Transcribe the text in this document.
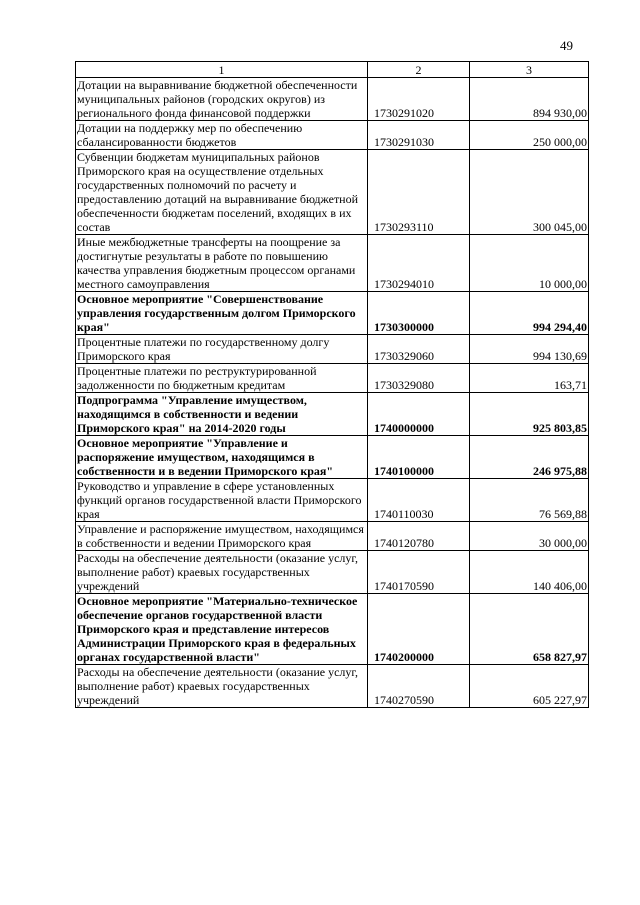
49
1	2	3
Дотации на выравнивание бюджетной обеспеченности муниципальных районов (городских округов) из регионального фонда финансовой поддержки	1730291020	894 930,00
Дотации на поддержку мер по обеспечению сбалансированности бюджетов	1730291030	250 000,00
Субвенции бюджетам муниципальных районов Приморского края на осуществление отдельных государственных полномочий по расчету и предоставлению дотаций на выравнивание бюджетной обеспеченности бюджетам поселений, входящих в их состав	1730293110	300 045,00
Иные межбюджетные трансферты на поощрение за достигнутые результаты в работе по повышению качества управления бюджетным процессом органами местного самоуправления	1730294010	10 000,00
Основное мероприятие "Совершенствование управления государственным долгом Приморского края"	1730300000	994 294,40
Процентные платежи по государственному долгу Приморского края	1730329060	994 130,69
Процентные платежи по реструктурированной задолженности по бюджетным кредитам	1730329080	163,71
Подпрограмма "Управление имуществом, находящимся в собственности и ведении Приморского края" на 2014-2020 годы	1740000000	925 803,85
Основное мероприятие "Управление и распоряжение имуществом, находящимся в собственности и в ведении Приморского края"	1740100000	246 975,88
Руководство и управление в сфере установленных функций органов государственной власти Приморского края	1740110030	76 569,88
Управление и распоряжение имуществом, находящимся в собственности и ведении Приморского края	1740120780	30 000,00
Расходы на обеспечение деятельности (оказание услуг, выполнение работ) краевых государственных учреждений	1740170590	140 406,00
Основное мероприятие "Материально-техническое обеспечение органов государственной власти Приморского края и представление интересов Администрации Приморского края в федеральных органах государственной власти"	1740200000	658 827,97
Расходы на обеспечение деятельности (оказание услуг, выполнение работ) краевых государственных учреждений	1740270590	605 227,97
